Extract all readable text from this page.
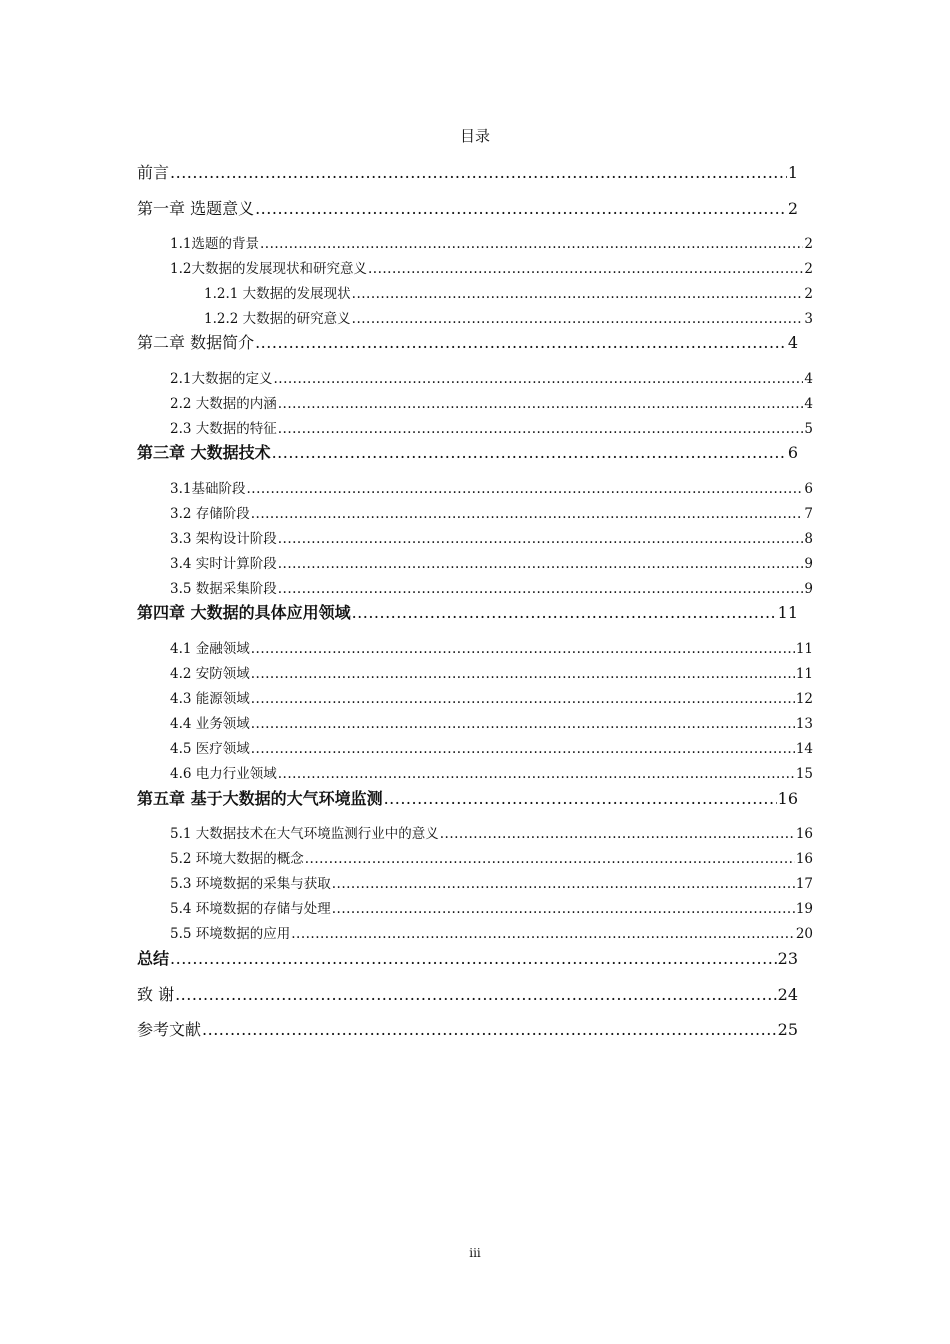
目录
前言 .....	1
第一章 选题意义 .....	2
1.1选题的背景 .....	2
1.2大数据的发展现状和研究意义 .....	2
1.2.1 大数据的发展现状 .....	2
1.2.2 大数据的研究意义 .....	3
第二章 数据简介 .....	4
2.1大数据的定义 .....	4
2.2 大数据的内涵 .....	4
2.3 大数据的特征 .....	5
第三章 大数据技术 .....	6
3.1基础阶段 .....	6
3.2 存储阶段 .....	7
3.3 架构设计阶段 .....	8
3.4 实时计算阶段 .....	9
3.5 数据采集阶段 .....	9
第四章 大数据的具体应用领域 .....	11
4.1 金融领域 .....	11
4.2 安防领域 .....	11
4.3 能源领域 .....	12
4.4 业务领域 .....	13
4.5 医疗领域 .....	14
4.6 电力行业领域 .....	15
第五章 基于大数据的大气环境监测 .....	16
5.1 大数据技术在大气环境监测行业中的意义 .....	16
5.2 环境大数据的概念 .....	16
5.3 环境数据的采集与获取 .....	17
5.4 环境数据的存储与处理 .....	19
5.5 环境数据的应用 .....	20
总结 .....	23
致 谢 .....	24
参考文献 .....	25
iii
